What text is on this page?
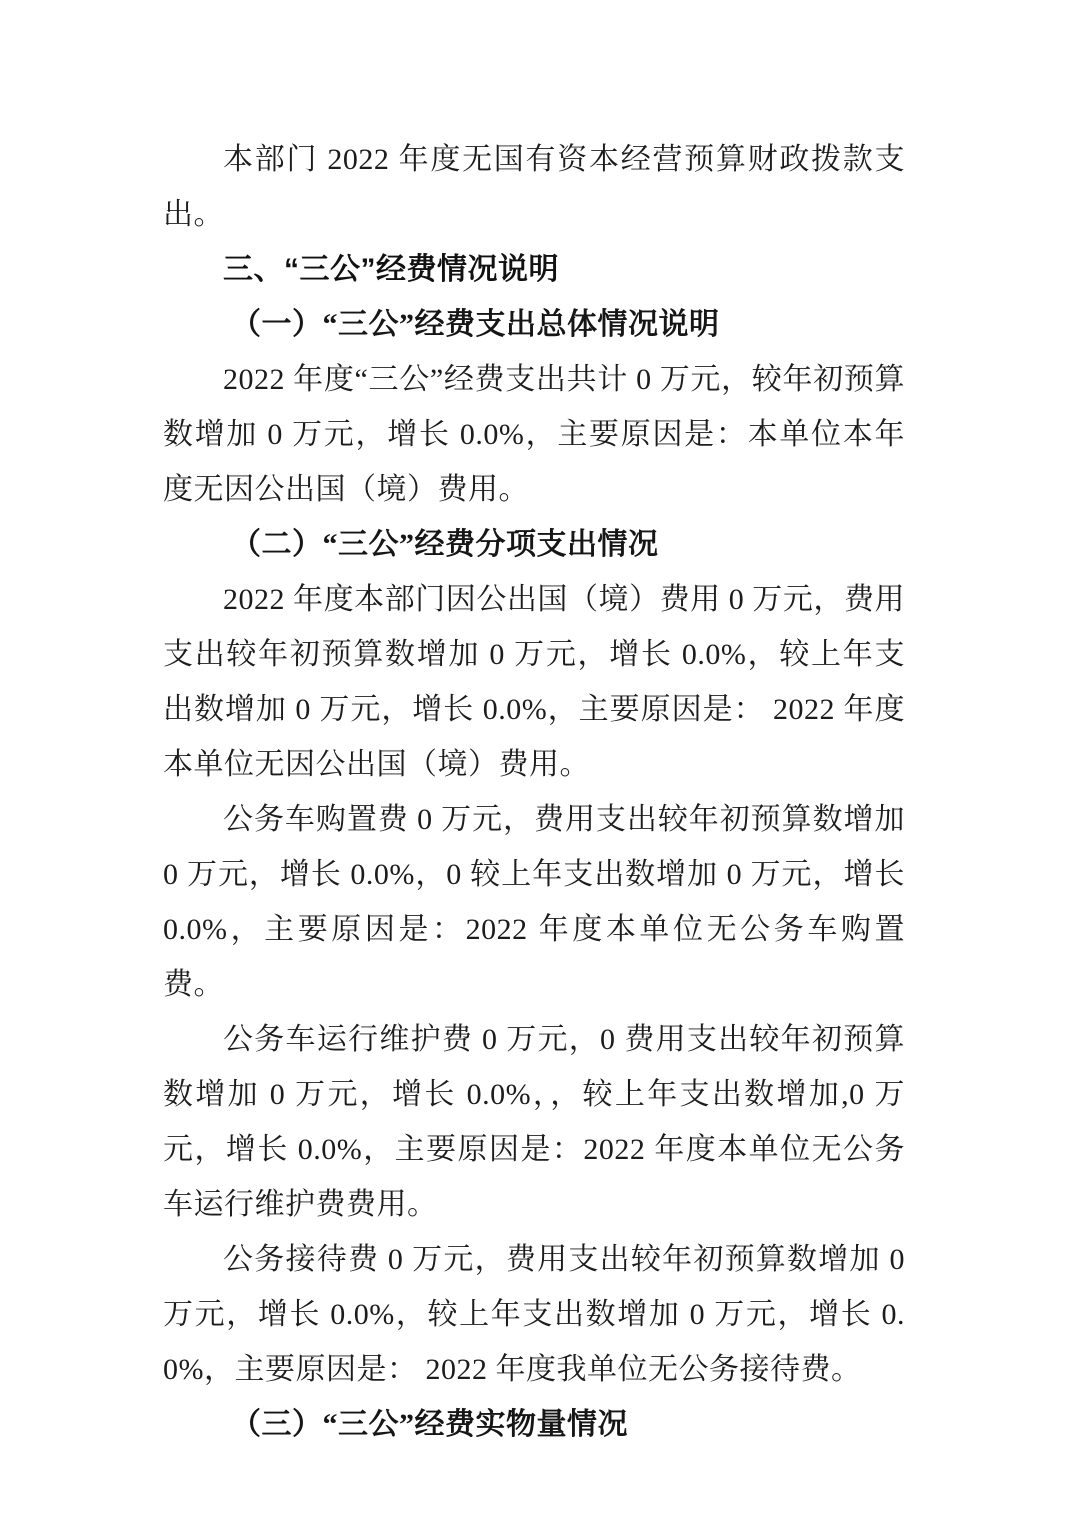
本部门 2022 年度无国有资本经营预算财政拨款支出。

三、“三公”经费情况说明

（一）“三公”经费支出总体情况说明

2022 年度“三公”经费支出共计 0 万元，较年初预算数增加 0 万元，增长 0.0%，主要原因是：本单位本年度无因公出国（境）费用。

（二）“三公”经费分项支出情况

2022 年度本部门因公出国（境）费用 0 万元，费用支出较年初预算数增加 0 万元，增长 0.0%，较上年支出数增加 0 万元，增长 0.0%，主要原因是： 2022 年度本单位无因公出国（境）费用。

公务车购置费 0 万元，费用支出较年初预算数增加 0 万元，增长 0.0%，0 较上年支出数增加 0 万元，增长 0.0%，主要原因是：2022 年度本单位无公务车购置费。

公务车运行维护费 0 万元，0 费用支出较年初预算数增加 0 万元，增长 0.0%，，较上年支出数增加,0 万元，增长 0.0%，主要原因是：2022 年度本单位无公务车运行维护费费用。

公务接待费 0 万元，费用支出较年初预算数增加 0 万元，增长 0.0%，较上年支出数增加 0 万元，增长 0.0%，主要原因是： 2022 年度我单位无公务接待费。

（三）“三公”经费实物量情况
